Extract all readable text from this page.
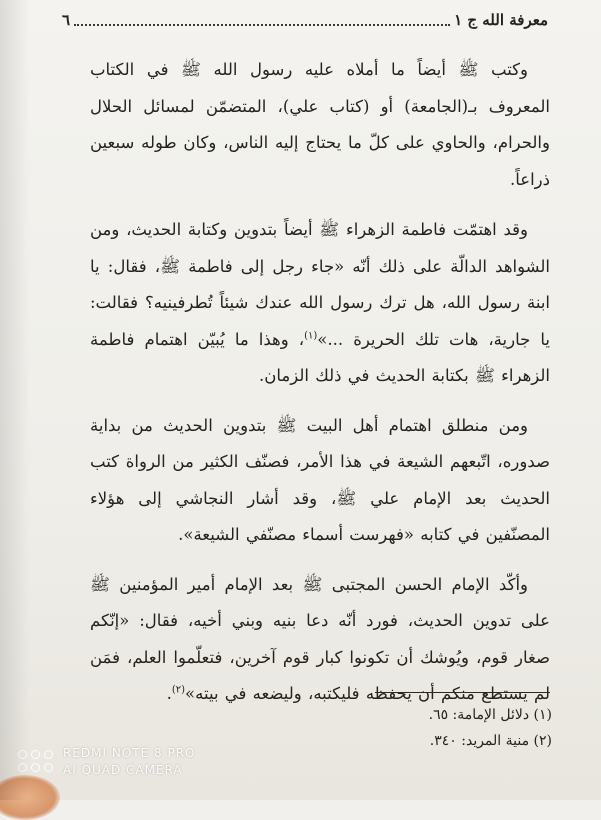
معرفة الله ج ١
٦

وكتب ﷺ أيضاً ما أملاه عليه رسول الله ﷺ في الكتاب المعروف بـ(الجامعة) أو (كتاب علي)، المتضمّن لمسائل الحلال والحرام، والحاوي على كلّ ما يحتاج إليه الناس، وكان طوله سبعين ذراعاً.

وقد اهتمّت فاطمة الزهراء ﷺ أيضاً بتدوين وكتابة الحديث، ومن الشواهد الدالّة على ذلك أنّه «جاء رجل إلى فاطمة ﷺ، فقال: يا ابنة رسول الله، هل ترك رسول الله عندك شيئاً تُطرفينيه؟ فقالت: يا جارية، هات تلك الحريرة ...»$^{(١)}$، وهذا ما يُبيّن اهتمام فاطمة الزهراء ﷺ بكتابة الحديث في ذلك الزمان.

ومن منطلق اهتمام أهل البيت ﷺ بتدوين الحديث من بداية صدوره، اتّبعهم الشيعة في هذا الأمر، فصنّف الكثير من الرواة كتب الحديث بعد الإمام علي ﷺ، وقد أشار النجاشي إلى هؤلاء المصنّفين في كتابه «فهرست أسماء مصنّفي الشيعة».

وأكّد الإمام الحسن المجتبى ﷺ بعد الإمام أمير المؤمنين ﷺ على تدوين الحديث، فورد أنّه دعا بنيه وبني أخيه، فقال: «إنّكم صغار قوم، ويُوشك أن تكونوا كبار قوم آخرين، فتعلّموا العلم، فمَن لم يستطع منكم أن يحفظه فليكتبه، وليضعه في بيته»$^{(٢)}$.

(١) دلائل الإمامة: ٦٥.
(٢) منية المريد: ٣٤٠.
REDMI NOTE 8 PRO
AI QUAD CAMERA
